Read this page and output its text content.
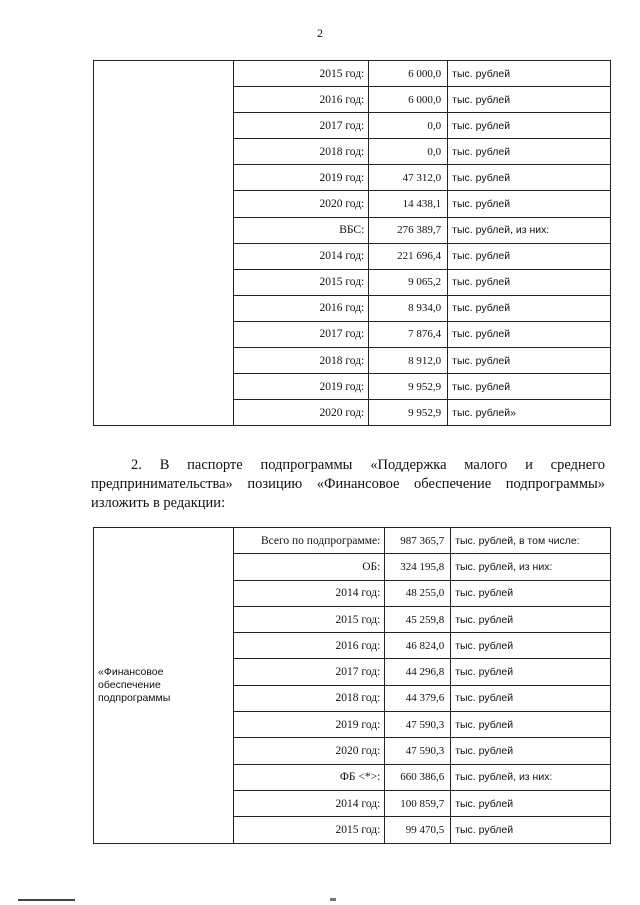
2
	2015 год:	6 000,0	тыс. рублей
	2016 год:	6 000,0	тыс. рублей
	2017 год:	0,0	тыс. рублей
	2018 год:	0,0	тыс. рублей
	2019 год:	47 312,0	тыс. рублей
	2020 год:	14 438,1	тыс. рублей
	ВБС:	276 389,7	тыс. рублей, из них:
	2014 год:	221 696,4	тыс. рублей
	2015 год:	9 065,2	тыс. рублей
	2016 год:	8 934,0	тыс. рублей
	2017 год:	7 876,4	тыс. рублей
	2018 год:	8 912,0	тыс. рублей
	2019 год:	9 952,9	тыс. рублей
	2020 год:	9 952,9	тыс. рублей»
2. В паспорте подпрограммы «Поддержка малого и среднего предпринимательства» позицию «Финансовое обеспечение подпрограммы» изложить в редакции:
«Финансовое обеспечение подпрограммы	Всего по подпрограмме:	987 365,7	тыс. рублей, в том числе:
	ОБ:	324 195,8	тыс. рублей, из них:
	2014 год:	48 255,0	тыс. рублей
	2015 год:	45 259,8	тыс. рублей
	2016 год:	46 824,0	тыс. рублей
	2017 год:	44 296,8	тыс. рублей
	2018 год:	44 379,6	тыс. рублей
	2019 год:	47 590,3	тыс. рублей
	2020 год:	47 590,3	тыс. рублей
	ФБ <*>:	660 386,6	тыс. рублей, из них:
	2014 год:	100 859,7	тыс. рублей
	2015 год:	99 470,5	тыс. рублей
